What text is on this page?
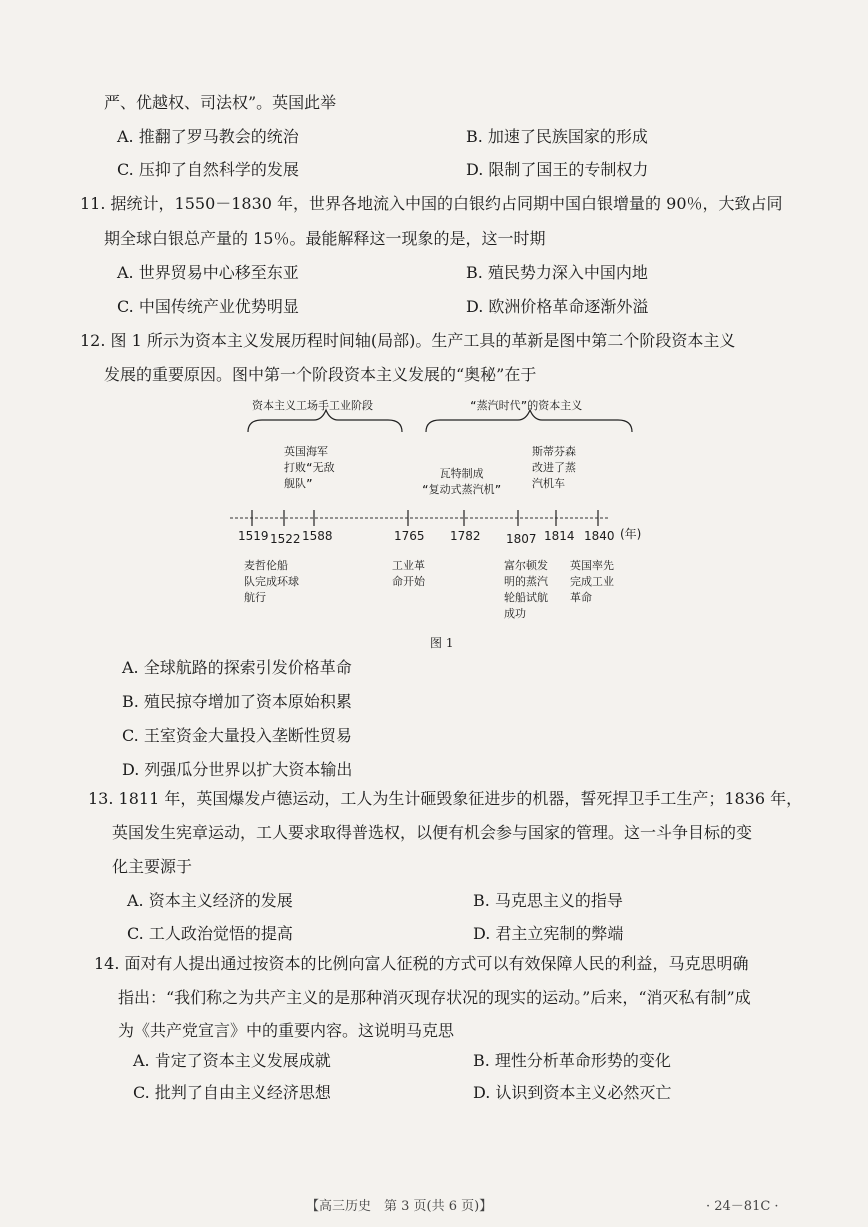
严、优越权、司法权”。英国此举
A. 推翻了罗马教会的统治	B. 加速了民族国家的形成
C. 压抑了自然科学的发展	D. 限制了国王的专制权力
11. 据统计，1550－1830 年，世界各地流入中国的白银约占同期中国白银增量的 90％，大致占同
期全球白银总产量的 15％。最能解释这一现象的是，这一时期
A. 世界贸易中心移至东亚	B. 殖民势力深入中国内地
C. 中国传统产业优势明显	D. 欧洲价格革命逐渐外溢
12. 图 1 所示为资本主义发展历程时间轴(局部)。生产工具的革新是图中第二个阶段资本主义
发展的重要原因。图中第一个阶段资本主义发展的“奥秘”在于
资本主义工场手工业阶段	“蒸汽时代”的资本主义
英国海军
打败“无敌
舰队”
瓦特制成
“复动式蒸汽机”
斯蒂芬森
改进了蒸
汽机车
1519 1522 1588	1765 1782 1807 1814 1840 (年)
麦哲伦船
队完成环球
航行
工业革
命开始
富尔顿发
明的蒸汽
轮船试航
成功
英国率先
完成工业
革命
图 1
A. 全球航路的探索引发价格革命
B. 殖民掠夺增加了资本原始积累
C. 王室资金大量投入垄断性贸易
D. 列强瓜分世界以扩大资本输出
13. 1811 年，英国爆发卢德运动，工人为生计砸毁象征进步的机器，誓死捍卫手工生产；1836 年，
英国发生宪章运动，工人要求取得普选权，以便有机会参与国家的管理。这一斗争目标的变
化主要源于
A. 资本主义经济的发展	B. 马克思主义的指导
C. 工人政治觉悟的提高	D. 君主立宪制的弊端
14. 面对有人提出通过按资本的比例向富人征税的方式可以有效保障人民的利益，马克思明确
指出：“我们称之为共产主义的是那种消灭现存状况的现实的运动。”后来，“消灭私有制”成
为《共产党宣言》中的重要内容。这说明马克思
A. 肯定了资本主义发展成就	B. 理性分析革命形势的变化
C. 批判了自由主义经济思想	D. 认识到资本主义必然灭亡
【高三历史　第 3 页(共 6 页)】	· 24－81C ·
